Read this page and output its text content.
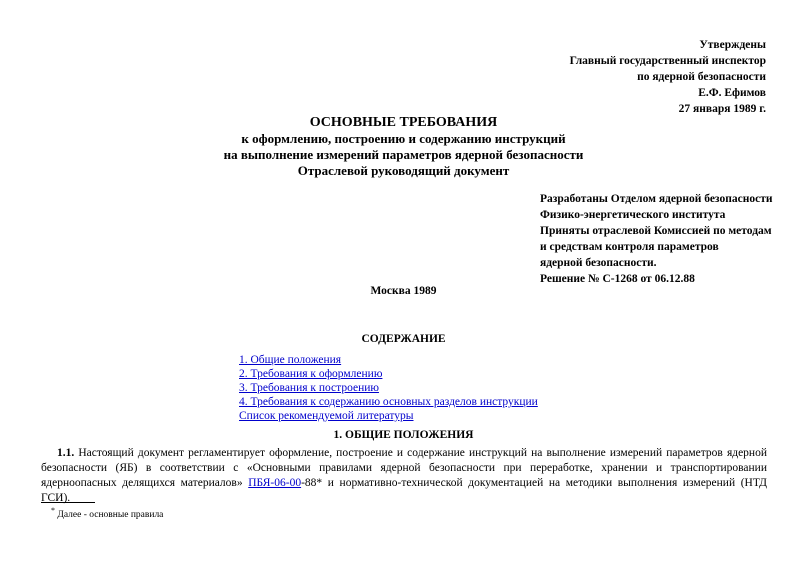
Утверждены
Главный государственный инспектор
по ядерной безопасности
Е.Ф. Ефимов
27 января 1989 г.
ОСНОВНЫЕ ТРЕБОВАНИЯ
к оформлению, построению и содержанию инструкций
на выполнение измерений параметров ядерной безопасности
Отраслевой руководящий документ
Разработаны Отделом ядерной безопасности
Физико-энергетического института
Приняты отраслевой Комиссией по методам
и средствам контроля параметров
ядерной безопасности.
Решение № С-1268 от 06.12.88
Москва 1989
СОДЕРЖАНИЕ
1. Общие положения
2. Требования к оформлению
3. Требования к построению
4. Требования к содержанию основных разделов инструкции
Список рекомендуемой литературы
1. ОБЩИЕ ПОЛОЖЕНИЯ
1.1. Настоящий документ регламентирует оформление, построение и содержание инструкций на выполнение измерений параметров ядерной безопасности (ЯБ) в соответствии с «Основными правилами ядерной безопасности при переработке, хранении и транспортировании ядерноопасных делящихся материалов» ПБЯ-06-00-88* и нормативно-технической документацией на методики выполнения измерений (НТД ГСИ).
* Далее - основные правила
